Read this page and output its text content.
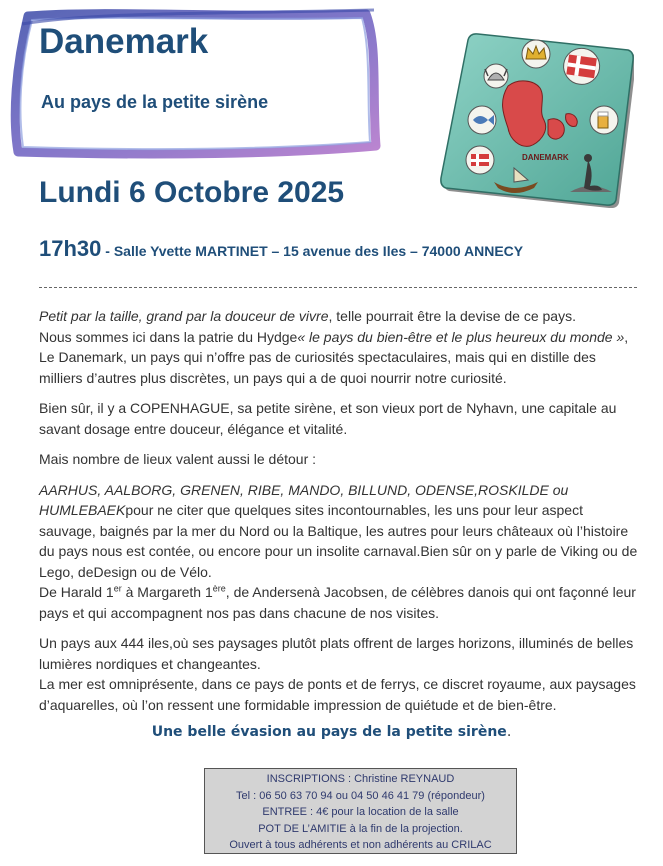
Danemark
Au pays de la petite sirène
DANEMARK
Lundi 6 Octobre 2025
17h30 - Salle Yvette MARTINET – 15 avenue des Iles – 74000 ANNECY

Petit par la taille, grand par la douceur de vivre, telle pourrait être la devise de ce pays.

Nous sommes ici dans la patrie du Hydge« le pays du bien-être et le plus heureux du monde »,

Le Danemark, un pays qui n’offre pas de curiosités spectaculaires, mais qui en distille des milliers d’autres plus discrètes, un pays qui a de quoi nourrir notre curiosité.

Bien sûr, il y a COPENHAGUE, sa petite sirène, et son vieux port de Nyhavn, une capitale au savant dosage entre douceur, élégance et vitalité.

Mais nombre de lieux valent aussi le détour :

AARHUS, AALBORG, GRENEN, RIBE, MANDO, BILLUND, ODENSE,ROSKILDE ou HUMLEBAEKpour ne citer que quelques sites incontournables, les uns pour leur aspect sauvage, baignés par la mer du Nord ou la Baltique, les autres pour leurs châteaux où l’histoire du pays nous est contée, ou encore pour un insolite carnaval.Bien sûr on y parle de Viking ou de Lego, deDesign ou de Vélo.

De Harald 1er à Margareth 1ère, de Andersenà Jacobsen, de célèbres danois qui ont façonné leur pays et qui accompagnent nos pas dans chacune de nos visites.

Un pays aux 444 iles,où ses paysages plutôt plats offrent de larges horizons, illuminés de belles lumières nordiques et changeantes.

La mer est omniprésente, dans ce pays de ponts et de ferrys, ce discret royaume, aux paysages d’aquarelles, où l’on ressent une formidable impression de quiétude et de bien-être.

Une belle évasion au pays de la petite sirène.
INSCRIPTIONS : Christine REYNAUD
Tel : 06 50 63 70 94 ou 04 50 46 41 79 (répondeur)
ENTREE : 4€ pour la location de la salle
POT DE L’AMITIE à la fin de la projection.
Ouvert à tous adhérents et non adhérents au CRILAC
